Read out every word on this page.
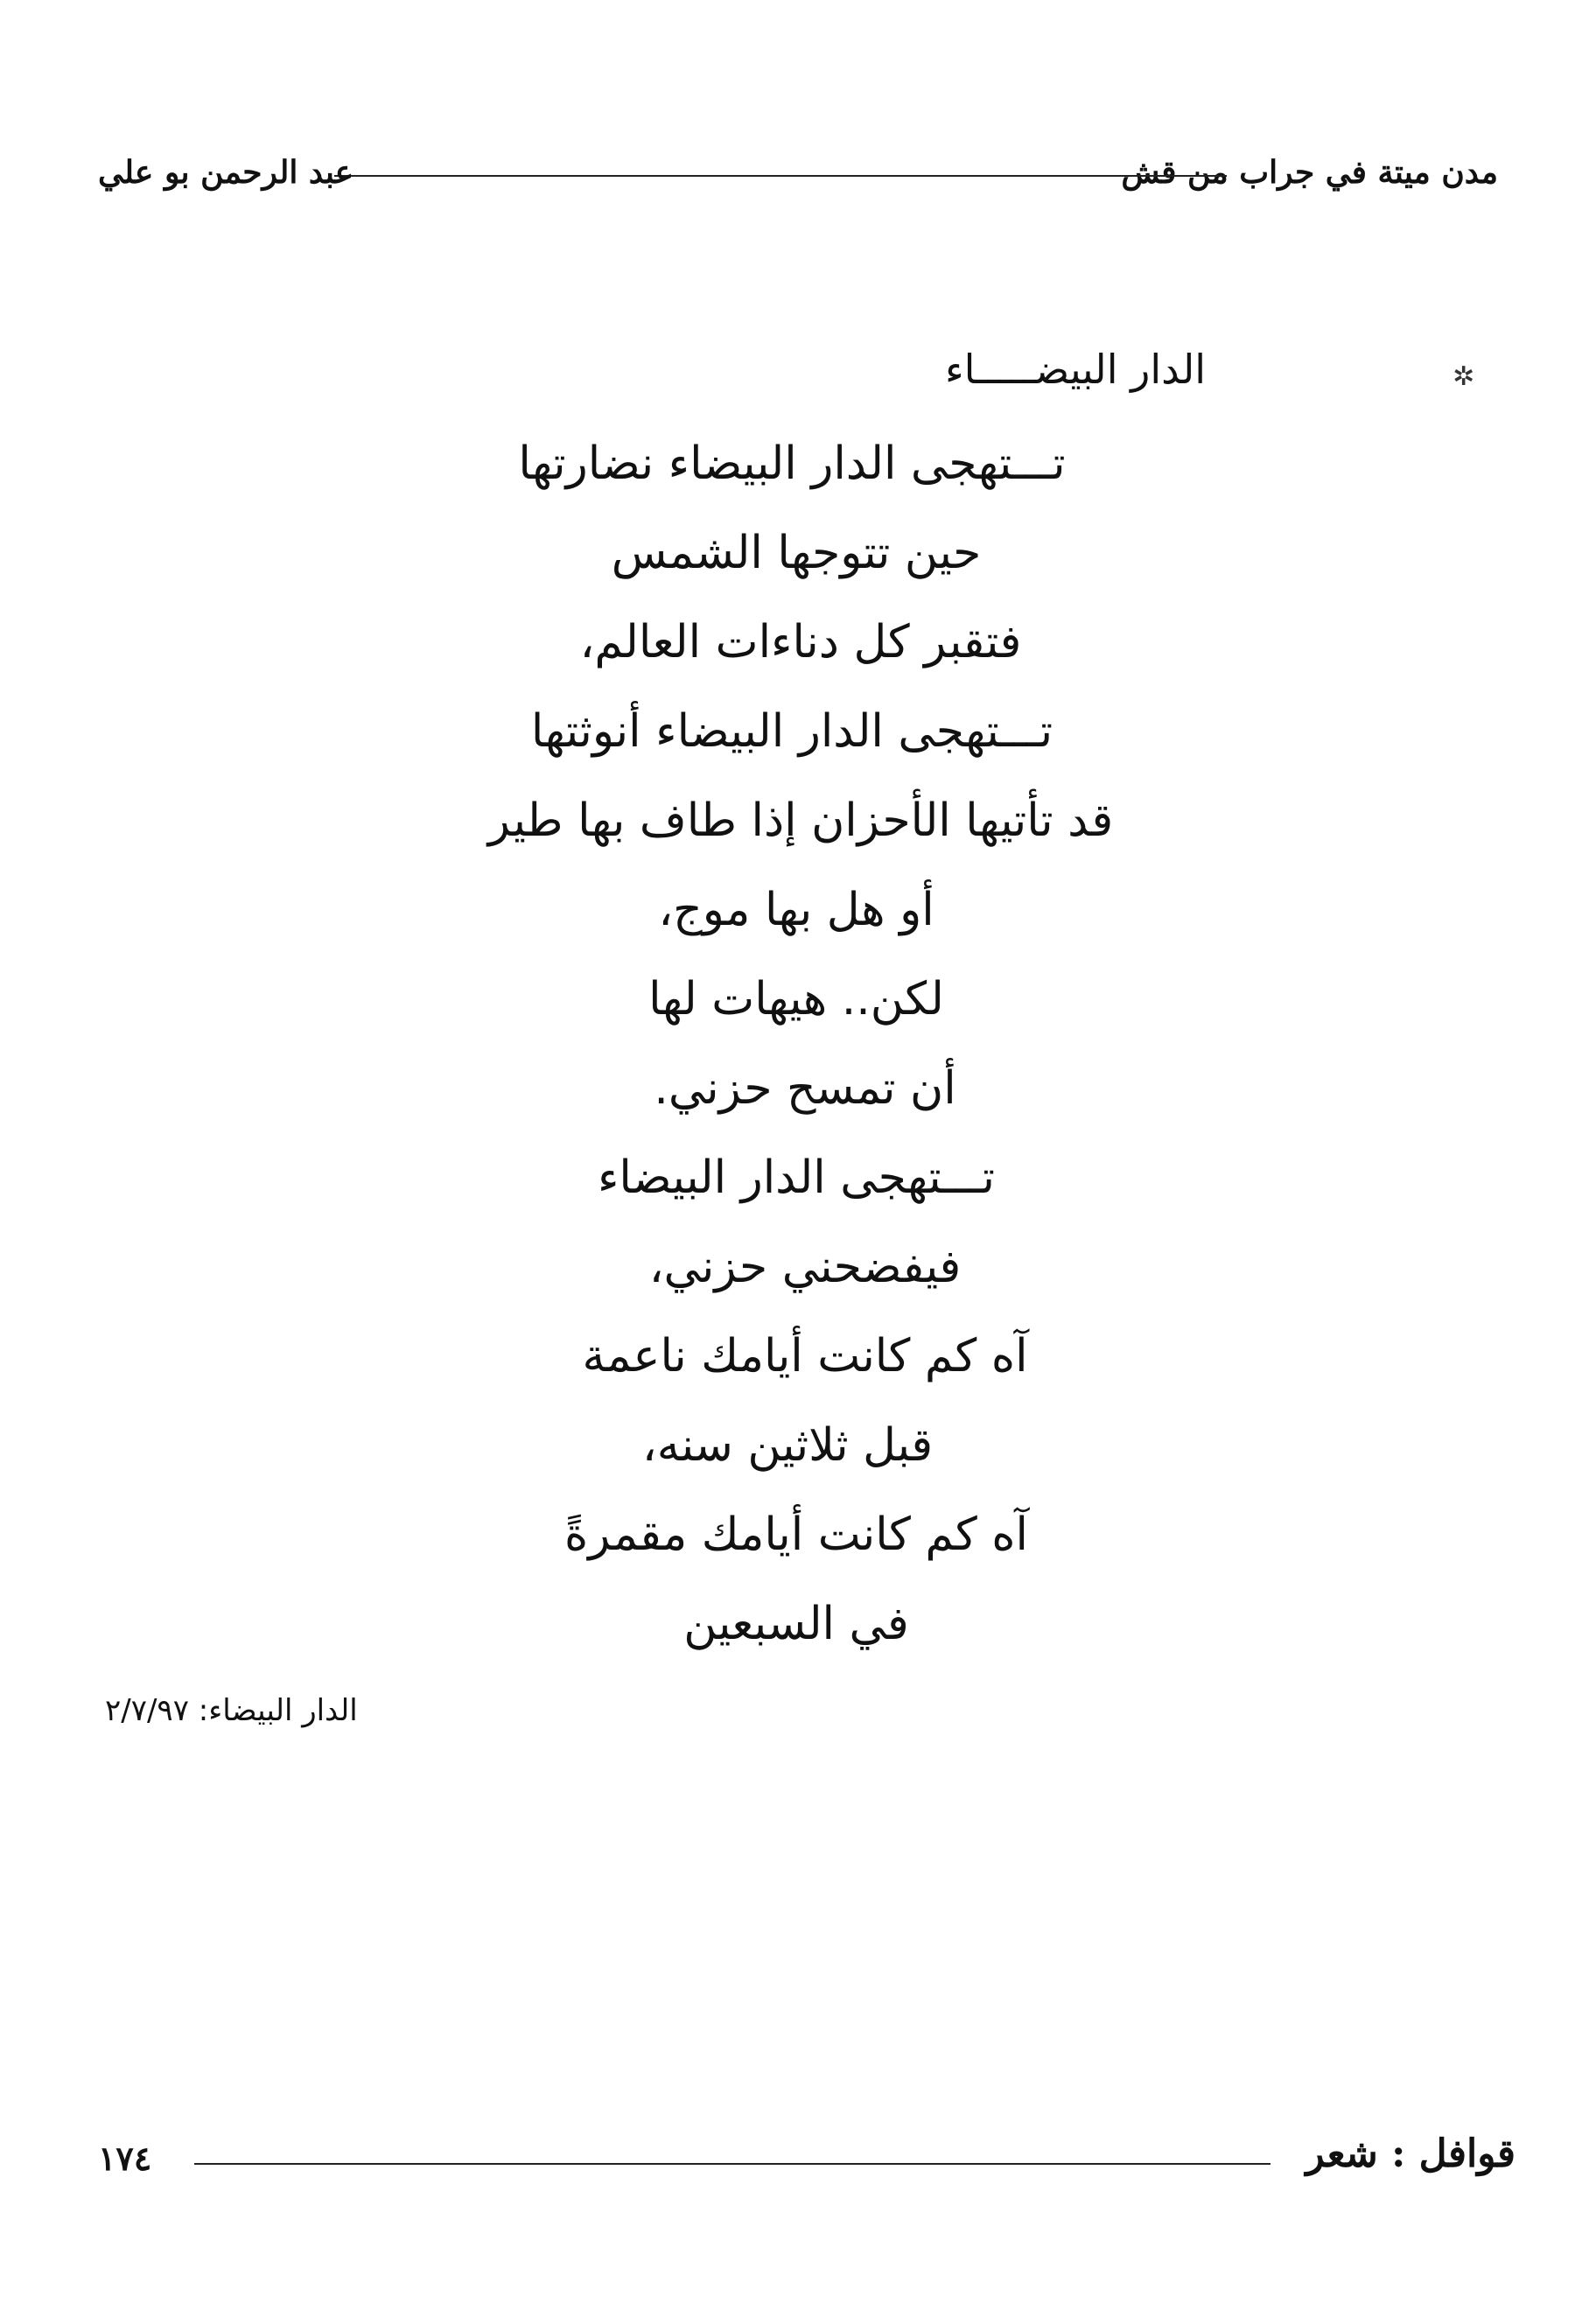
مدن ميتة في جراب من قش
عبد الرحمن بو علي
✲
الدار البيضـــــاء
تـــتهجى الدار البيضاء نضارتها
حين تتوجها الشمس
فتقبر كل دناءات العالم،
تـــتهجى الدار البيضاء أنوثتها
قد تأتيها الأحزان إذا طاف بها طير
أو هل بها موج،
لكن.. هيهات لها
أن تمسح حزني.
تـــتهجى الدار البيضاء
فيفضحني حزني،
آه كم كانت أيامك ناعمة
قبل ثلاثين سنه،
آه كم كانت أيامك مقمرةً
في السبعين
الدار البيضاء: ٢/٧/٩٧
١٧٤	قوافل : شعر
